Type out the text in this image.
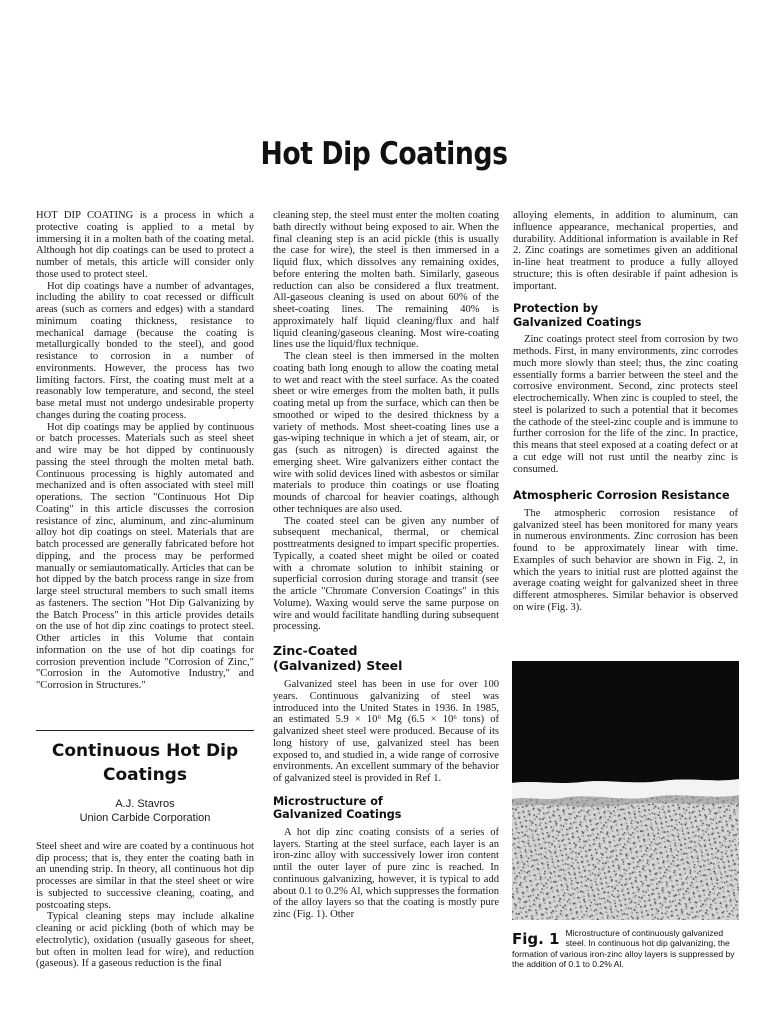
Hot Dip Coatings

HOT DIP COATING is a process in which a protective coating is applied to a metal by immersing it in a molten bath of the coating metal. Although hot dip coatings can be used to protect a number of metals, this article will consider only those used to protect steel.

Hot dip coatings have a number of advantages, including the ability to coat recessed or difficult areas (such as corners and edges) with a standard minimum coating thickness, resistance to mechanical damage (because the coating is metallurgically bonded to the steel), and good resistance to corrosion in a number of environments. However, the process has two limiting factors. First, the coating must melt at a reasonably low temperature, and second, the steel base metal must not undergo undesirable property changes during the coating process.

Hot dip coatings may be applied by continuous or batch processes. Materials such as steel sheet and wire may be hot dipped by continuously passing the steel through the molten metal bath. Continuous processing is highly automated and mechanized and is often associated with steel mill operations. The section "Continuous Hot Dip Coating" in this article discusses the corrosion resistance of zinc, aluminum, and zinc-aluminum alloy hot dip coatings on steel. Materials that are batch processed are generally fabricated before hot dipping, and the process may be performed manually or semiautomatically. Articles that can be hot dipped by the batch process range in size from large steel structural members to such small items as fasteners. The section "Hot Dip Galvanizing by the Batch Process" in this article provides details on the use of hot dip zinc coatings to protect steel. Other articles in this Volume that contain information on the use of hot dip coatings for corrosion prevention include "Corrosion of Zinc," "Corrosion in the Automotive Industry," and "Corrosion in Structures."

Continuous Hot Dip Coatings
A.J. Stavros
Union Carbide Corporation

Steel sheet and wire are coated by a continuous hot dip process; that is, they enter the coating bath in an unending strip. In theory, all continuous hot dip processes are similar in that the steel sheet or wire is subjected to successive cleaning, coating, and postcoating steps.

Typical cleaning steps may include alkaline cleaning or acid pickling (both of which may be electrolytic), oxidation (usually gaseous for sheet, but often in molten lead for wire), and reduction (gaseous). If a gaseous reduction is the final

cleaning step, the steel must enter the molten coating bath directly without being exposed to air. When the final cleaning step is an acid pickle (this is usually the case for wire), the steel is then immersed in a liquid flux, which dissolves any remaining oxides, before entering the molten bath. Similarly, gaseous reduction can also be considered a flux treatment. All-gaseous cleaning is used on about 60% of the sheet-coating lines. The remaining 40% is approximately half liquid cleaning/flux and half liquid cleaning/gaseous cleaning. Most wire-coating lines use the liquid/flux technique.

The clean steel is then immersed in the molten coating bath long enough to allow the coating metal to wet and react with the steel surface. As the coated sheet or wire emerges from the molten bath, it pulls coating metal up from the surface, which can then be smoothed or wiped to the desired thickness by a variety of methods. Most sheet-coating lines use a gas-wiping technique in which a jet of steam, air, or gas (such as nitrogen) is directed against the emerging sheet. Wire galvanizers either contact the wire with solid devices lined with asbestos or similar materials to produce thin coatings or use floating mounds of charcoal for heavier coatings, although other techniques are also used.

The coated steel can be given any number of subsequent mechanical, thermal, or chemical posttreatments designed to impart specific properties. Typically, a coated sheet might be oiled or coated with a chromate solution to inhibit staining or superficial corrosion during storage and transit (see the article "Chromate Conversion Coatings" in this Volume). Waxing would serve the same purpose on wire and would facilitate handling during subsequent processing.

Zinc-Coated
(Galvanized) Steel

Galvanized steel has been in use for over 100 years. Continuous galvanizing of steel was introduced into the United States in 1936. In 1985, an estimated 5.9 × 10⁶ Mg (6.5 × 10⁶ tons) of galvanized sheet steel were produced. Because of its long history of use, galvanized steel has been exposed to, and studied in, a wide range of corrosive environments. An excellent summary of the behavior of galvanized steel is provided in Ref 1.

Microstructure of
Galvanized Coatings

A hot dip zinc coating consists of a series of layers. Starting at the steel surface, each layer is an iron-zinc alloy with successively lower iron content until the outer layer of pure zinc is reached. In continuous galvanizing, however, it is typical to add about 0.1 to 0.2% Al, which suppresses the formation of the alloy layers so that the coating is mostly pure zinc (Fig. 1). Other

alloying elements, in addition to aluminum, can influence appearance, mechanical properties, and durability. Additional information is available in Ref 2. Zinc coatings are sometimes given an additional in-line heat treatment to produce a fully alloyed structure; this is often desirable if paint adhesion is important.

Protection by
Galvanized Coatings

Zinc coatings protect steel from corrosion by two methods. First, in many environments, zinc corrodes much more slowly than steel; thus, the zinc coating essentially forms a barrier between the steel and the corrosive environment. Second, zinc protects steel electrochemically. When zinc is coupled to steel, the steel is polarized to such a potential that it becomes the cathode of the steel-zinc couple and is immune to further corrosion for the life of the zinc. In practice, this means that steel exposed at a coating defect or at a cut edge will not rust until the nearby zinc is consumed.

Atmospheric Corrosion Resistance

The atmospheric corrosion resistance of galvanized steel has been monitored for many years in numerous environments. Zinc corrosion has been found to be approximately linear with time. Examples of such behavior are shown in Fig. 2, in which the years to initial rust are plotted against the average coating weight for galvanized sheet in three different atmospheres. Similar behavior is observed on wire (Fig. 3).

Fig. 1 Microstructure of continuously galvanized steel. In continuous hot dip galvanizing, the formation of various iron-zinc alloy layers is suppressed by the addition of 0.1 to 0.2% Al.
